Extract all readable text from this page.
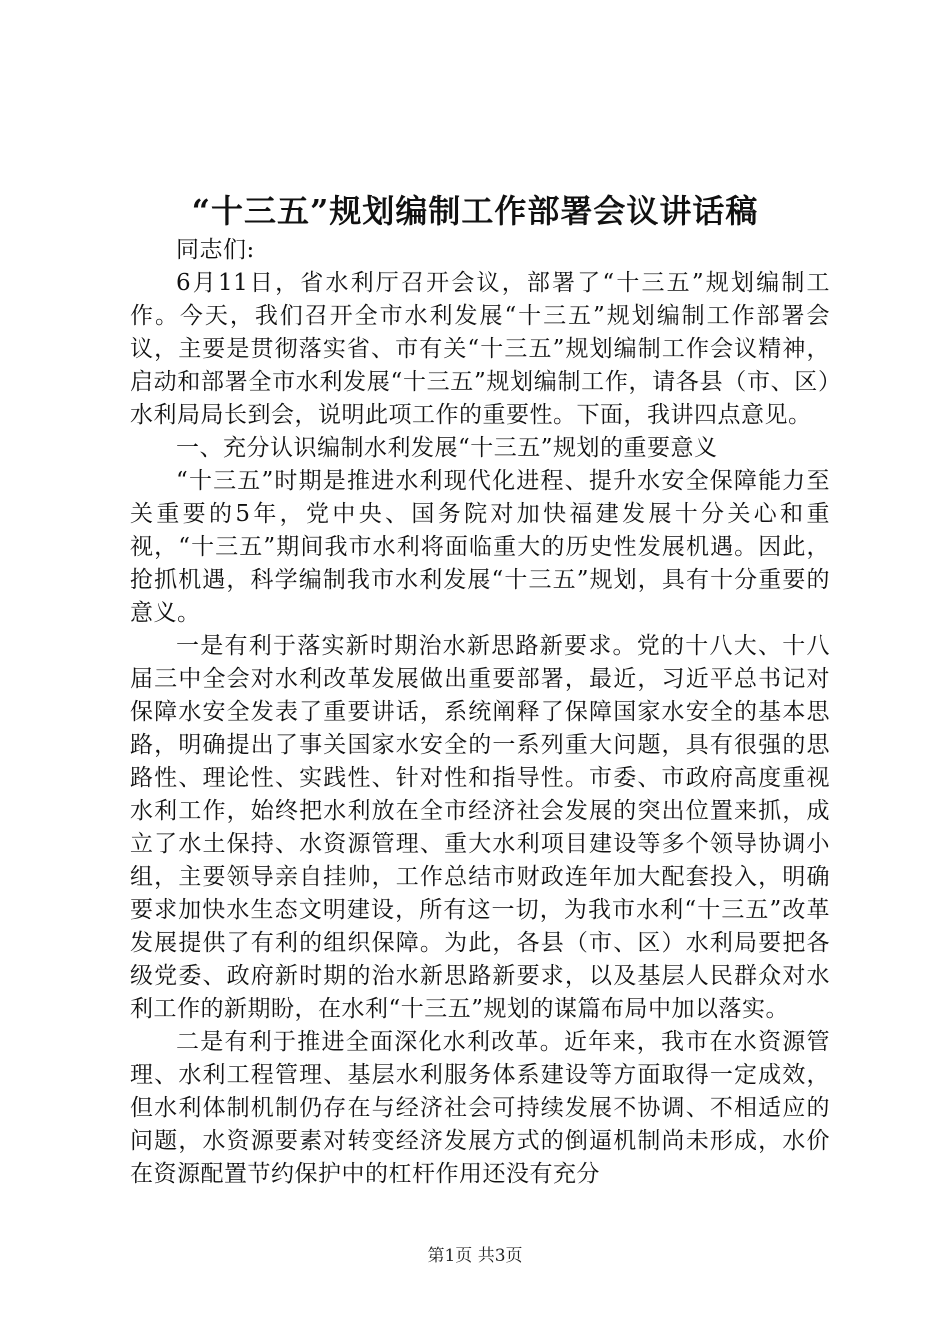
“十三五”规划编制工作部署会议讲话稿

同志们:

6月11日，省水利厅召开会议，部署了“十三五”规划编制工作。今天，我们召开全市水利发展“十三五”规划编制工作部署会议，主要是贯彻落实省、市有关“十三五”规划编制工作会议精神，启动和部署全市水利发展“十三五”规划编制工作，请各县（市、区）水利局局长到会，说明此项工作的重要性。下面，我讲四点意见。

一、充分认识编制水利发展“十三五”规划的重要意义

“十三五”时期是推进水利现代化进程、提升水安全保障能力至关重要的5年，党中央、国务院对加快福建发展十分关心和重视，“十三五”期间我市水利将面临重大的历史性发展机遇。因此，抢抓机遇，科学编制我市水利发展“十三五”规划，具有十分重要的意义。

一是有利于落实新时期治水新思路新要求。党的十八大、十八届三中全会对水利改革发展做出重要部署，最近，习近平总书记对保障水安全发表了重要讲话，系统阐释了保障国家水安全的基本思路，明确提出了事关国家水安全的一系列重大问题，具有很强的思路性、理论性、实践性、针对性和指导性。市委、市政府高度重视水利工作，始终把水利放在全市经济社会发展的突出位置来抓，成立了水土保持、水资源管理、重大水利项目建设等多个领导协调小组，主要领导亲自挂帅，工作总结市财政连年加大配套投入，明确要求加快水生态文明建设，所有这一切，为我市水利“十三五”改革发展提供了有利的组织保障。为此，各县（市、区）水利局要把各级党委、政府新时期的治水新思路新要求，以及基层人民群众对水利工作的新期盼，在水利“十三五”规划的谋篇布局中加以落实。

二是有利于推进全面深化水利改革。近年来，我市在水资源管理、水利工程管理、基层水利服务体系建设等方面取得一定成效，但水利体制机制仍存在与经济社会可持续发展不协调、不相适应的问题，水资源要素对转变经济发展方式的倒逼机制尚未形成，水价在资源配置节约保护中的杠杆作用还没有充分

第1页 共3页
